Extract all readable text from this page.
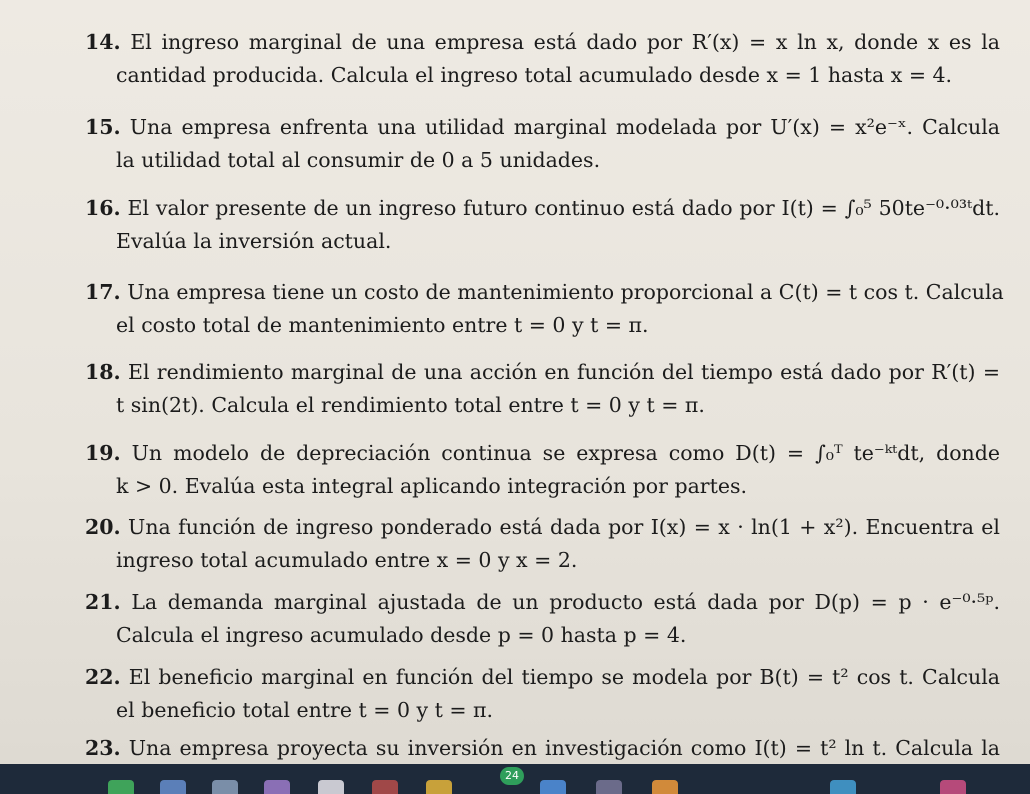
14. El ingreso marginal de una empresa está dado por R′(x) = x ln x, donde x es la
cantidad producida. Calcula el ingreso total acumulado desde x = 1 hasta x = 4.
15. Una empresa enfrenta una utilidad marginal modelada por U′(x) = x²e⁻ˣ. Calcula
la utilidad total al consumir de 0 a 5 unidades.
16. El valor presente de un ingreso futuro continuo está dado por I(t) = ∫₀⁵ 50te⁻⁰·⁰³ᵗdt.
Evalúa la inversión actual.
17. Una empresa tiene un costo de mantenimiento proporcional a C(t) = t cos t. Calcula
el costo total de mantenimiento entre t = 0 y t = π.
18. El rendimiento marginal de una acción en función del tiempo está dado por R′(t) =
t sin(2t). Calcula el rendimiento total entre t = 0 y t = π.
19. Un modelo de depreciación continua se expresa como D(t) = ∫₀ᵀ te⁻ᵏᵗdt, donde
k > 0. Evalúa esta integral aplicando integración por partes.
20. Una función de ingreso ponderado está dada por I(x) = x · ln(1 + x²). Encuentra el
ingreso total acumulado entre x = 0 y x = 2.
21. La demanda marginal ajustada de un producto está dada por D(p) = p · e⁻⁰·⁵ᵖ.
Calcula el ingreso acumulado desde p = 0 hasta p = 4.
22. El beneficio marginal en función del tiempo se modela por B(t) = t² cos t. Calcula
el beneficio total entre t = 0 y t = π.
23. Una empresa proyecta su inversión en investigación como I(t) = t² ln t. Calcula la
24
